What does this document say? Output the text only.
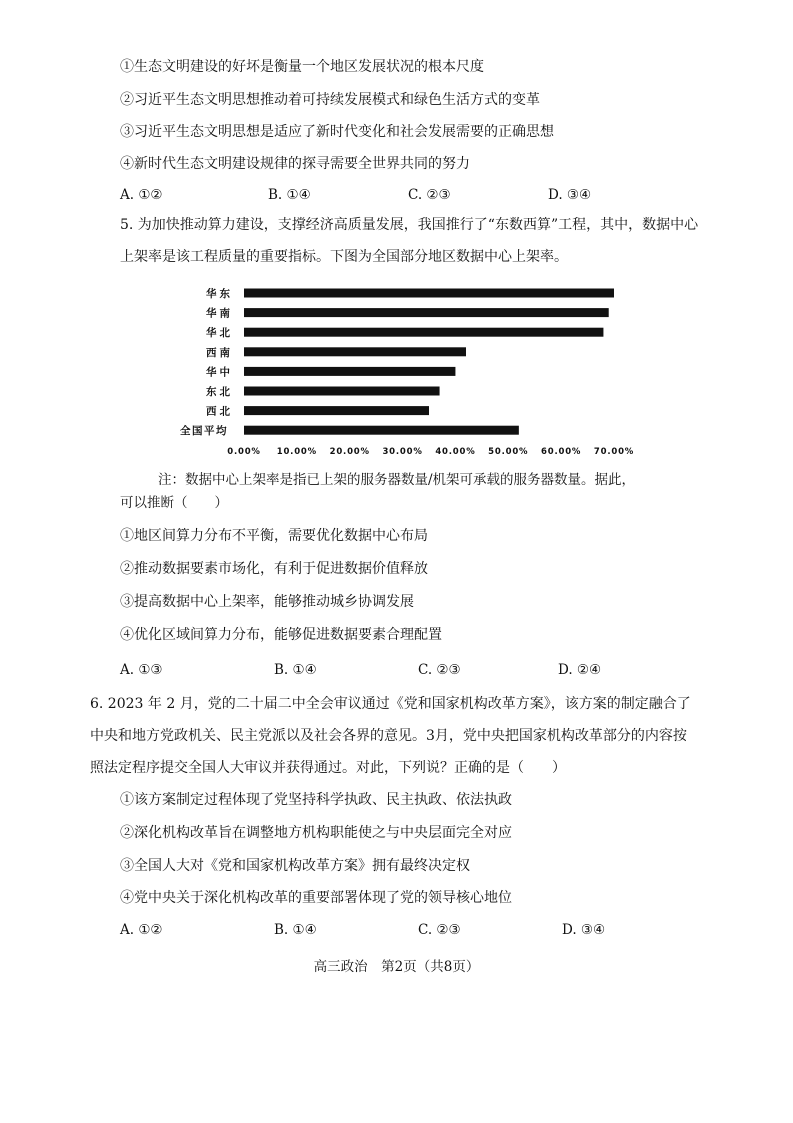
①生态文明建设的好坏是衡量一个地区发展状况的根本尺度
②习近平生态文明思想推动着可持续发展模式和绿色生活方式的变革
③习近平生态文明思想是适应了新时代变化和社会发展需要的正确思想
④新时代生态文明建设规律的探寻需要全世界共同的努力
A. ①②	B. ①④	C. ②③	D. ③④
5. 为加快推动算力建设，支撑经济高质量发展，我国推行了“东数西算”工程，其中，数据中心
上架率是该工程质量的重要指标。下图为全国部分地区数据中心上架率。
华东
华南
华北
西南
华中
东北
西北
全国平均
0.00% 10.00% 20.00% 30.00% 40.00% 50.00% 60.00% 70.00%
注：数据中心上架率是指已上架的服务器数量/机架可承载的服务器数量。据此，
可以推断（　　）
①地区间算力分布不平衡，需要优化数据中心布局
②推动数据要素市场化，有利于促进数据价值释放
③提高数据中心上架率，能够推动城乡协调发展
④优化区域间算力分布，能够促进数据要素合理配置
A. ①③	B. ①④	C. ②③	D. ②④
6. 2023 年 2 月，党的二十届二中全会审议通过《党和国家机构改革方案》，该方案的制定融合了
中央和地方党政机关、民主党派以及社会各界的意见。3月，党中央把国家机构改革部分的内容按
照法定程序提交全国人大审议并获得通过。对此，下列说？正确的是（　　）
①该方案制定过程体现了党坚持科学执政、民主执政、依法执政
②深化机构改革旨在调整地方机构职能使之与中央层面完全对应
③全国人大对《党和国家机构改革方案》拥有最终决定权
④党中央关于深化机构改革的重要部署体现了党的领导核心地位
A. ①②	B. ①④	C. ②③	D. ③④
高三政治　第2页（共8页）
